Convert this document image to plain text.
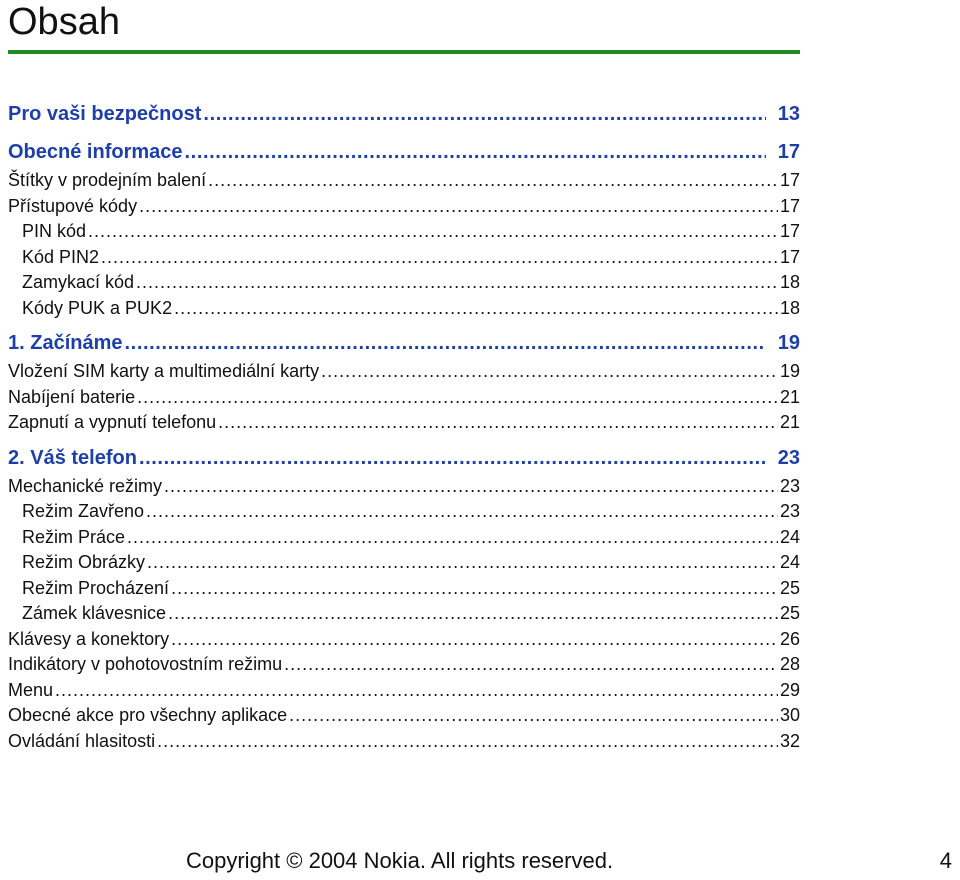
Obsah
Pro vaši bezpečnost .....	13
Obecné informace .....	17
Štítky v prodejním balení .....	17
Přístupové kódy .....	17
PIN kód .....	17
Kód PIN2 .....	17
Zamykací kód .....	18
Kódy PUK a PUK2 .....	18
1. Začínáme .....	19
Vložení SIM karty a multimediální karty .....	19
Nabíjení baterie .....	21
Zapnutí a vypnutí telefonu .....	21
2. Váš telefon .....	23
Mechanické režimy .....	23
Režim Zavřeno .....	23
Režim Práce .....	24
Režim Obrázky .....	24
Režim Procházení .....	25
Zámek klávesnice .....	25
Klávesy a konektory .....	26
Indikátory v pohotovostním režimu .....	28
Menu .....	29
Obecné akce pro všechny aplikace .....	30
Ovládání hlasitosti .....	32
Copyright © 2004 Nokia. All rights reserved.	4
